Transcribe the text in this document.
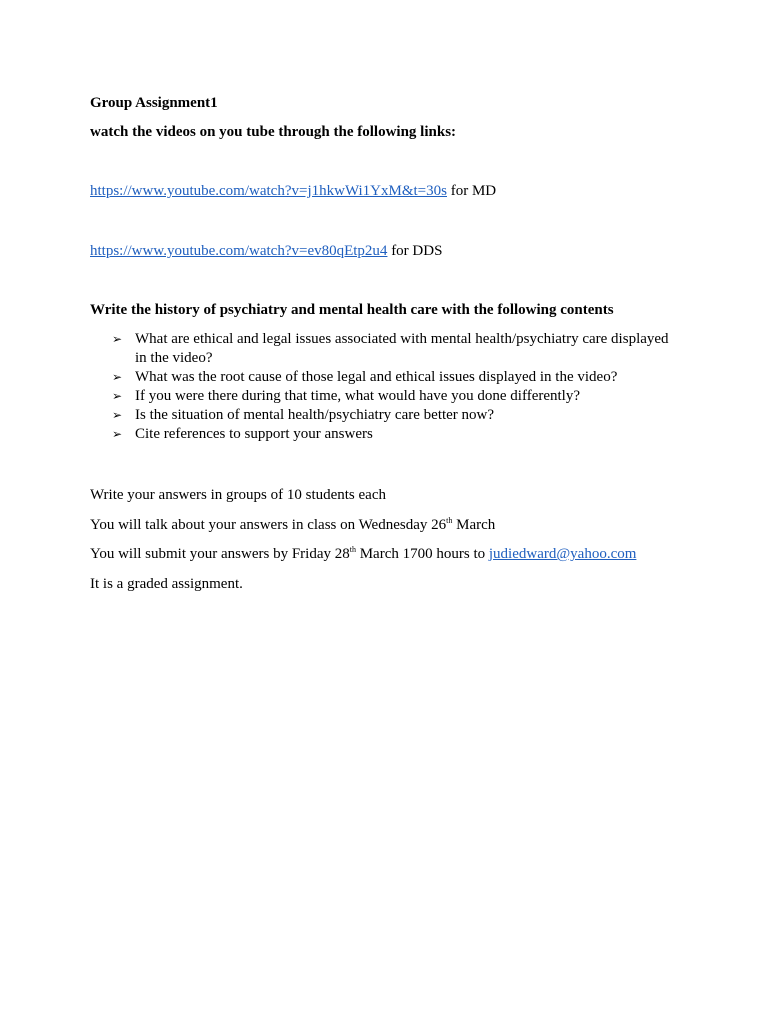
Group Assignment1
watch the videos on you tube through the following links:
https://www.youtube.com/watch?v=j1hkwWi1YxM&t=30s for MD
https://www.youtube.com/watch?v=ev80qEtp2u4 for DDS
Write the history of psychiatry and mental health care with the following contents
➢ What are ethical and legal issues associated with mental health/psychiatry care displayed in the video?
➢ What was the root cause of those legal and ethical issues displayed in the video?
➢ If you were there during that time, what would have you done differently?
➢ Is the situation of mental health/psychiatry care better now?
➢ Cite references to support your answers
Write your answers in groups of 10 students each
You will talk about your answers in class on Wednesday 26th March
You will submit your answers by Friday 28th March 1700 hours to judiedward@yahoo.com
It is a graded assignment.
